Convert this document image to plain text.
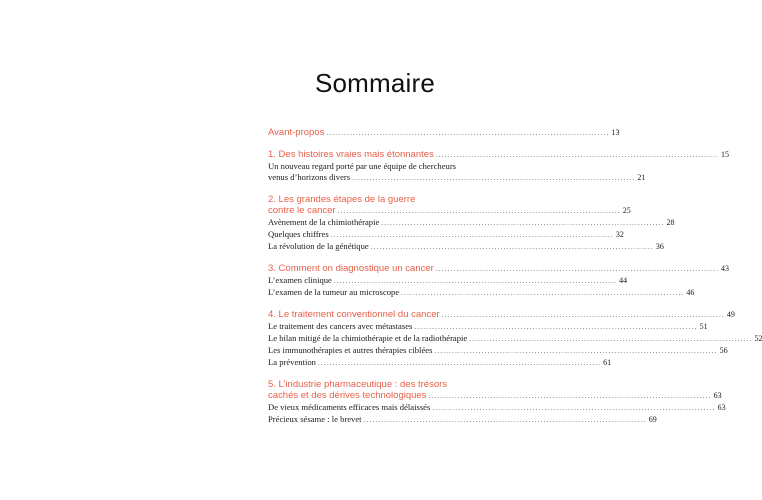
Sommaire
Avant-propos ................................................................................................ 13
1. Des histoires vraies mais étonnantes ................................................................................................ 15
Un nouveau regard porté par une équipe de chercheurs
venus d’horizons divers ................................................................................................ 21
2. Les grandes étapes de la guerre
contre le cancer ................................................................................................ 25
Avènement de la chimiothérapie ................................................................................................ 28
Quelques chiffres ................................................................................................ 32
La révolution de la génétique ................................................................................................ 36
3. Comment on diagnostique un cancer ................................................................................................ 43
L’examen clinique ................................................................................................ 44
L’examen de la tumeur au microscope ................................................................................................ 46
4. Le traitement conventionnel du cancer ................................................................................................ 49
Le traitement des cancers avec métastases ................................................................................................ 51
Le bilan mitigé de la chimiothérapie et de la radiothérapie ................................................................................................ 52
Les immunothérapies et autres thérapies ciblées ................................................................................................ 56
La prévention ................................................................................................ 61
5. L’industrie pharmaceutique : des trésors
cachés et des dérives technologiques ................................................................................................ 63
De vieux médicaments efficaces mais délaissés ................................................................................................ 63
Précieux sésame : le brevet ................................................................................................ 69
